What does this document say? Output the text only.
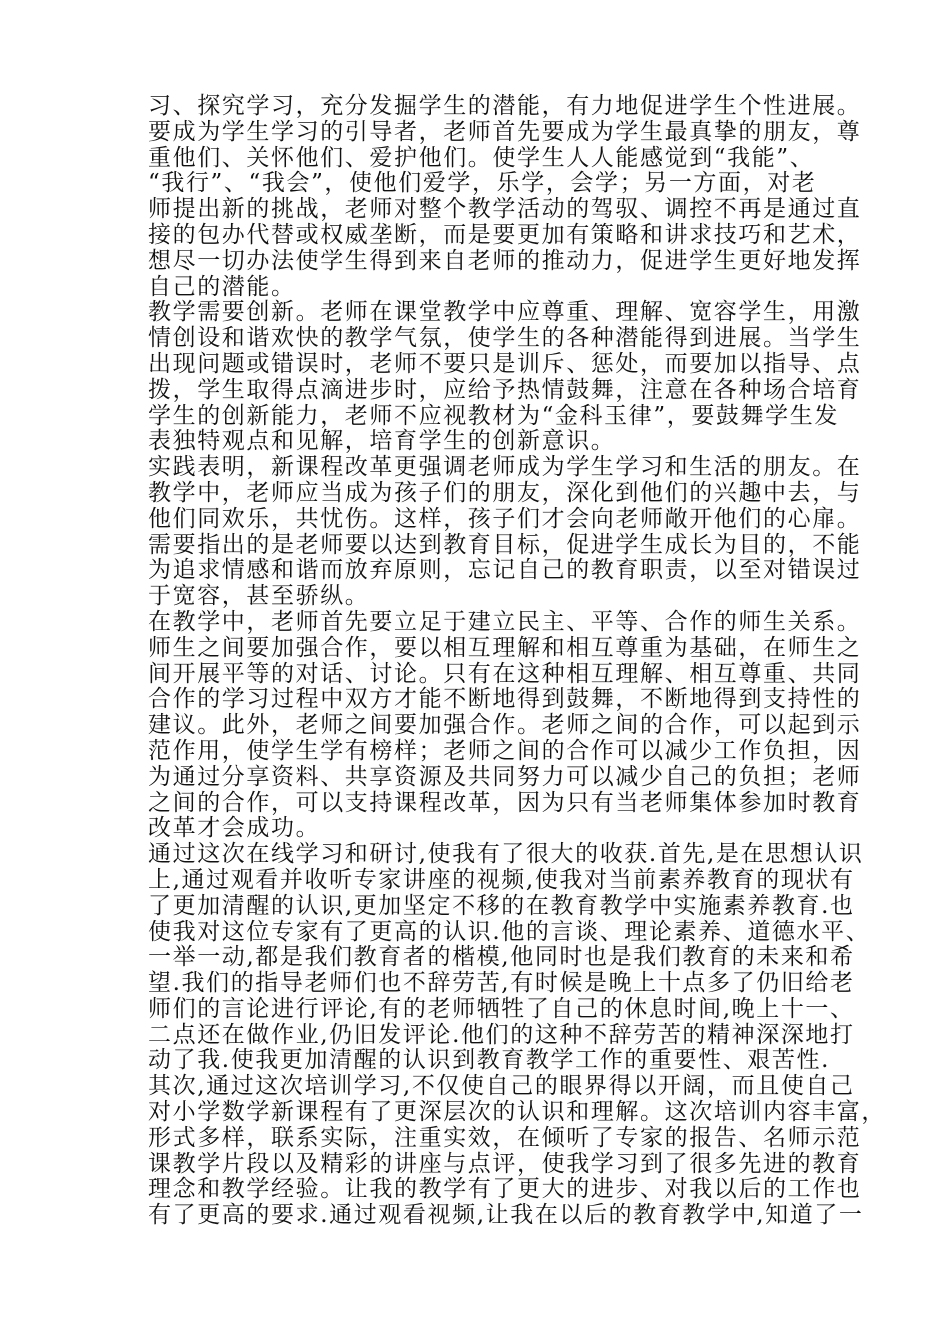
习、探究学习，充分发掘学生的潜能，有力地促进学生个性进展。
要成为学生学习的引导者，老师首先要成为学生最真挚的朋友，尊
重他们、关怀他们、爱护他们。使学生人人能感觉到“我能”、
“我行”、“我会”，使他们爱学，乐学，会学；另一方面，对老
师提出新的挑战，老师对整个教学活动的驾驭、调控不再是通过直
接的包办代替或权威垄断，而是要更加有策略和讲求技巧和艺术，
想尽一切办法使学生得到来自老师的推动力，促进学生更好地发挥
自己的潜能。
教学需要创新。老师在课堂教学中应尊重、理解、宽容学生，用激
情创设和谐欢快的教学气氛，使学生的各种潜能得到进展。当学生
出现问题或错误时，老师不要只是训斥、惩处，而要加以指导、点
拨，学生取得点滴进步时，应给予热情鼓舞，注意在各种场合培育
学生的创新能力，老师不应视教材为“金科玉律”，要鼓舞学生发
表独特观点和见解，培育学生的创新意识。
实践表明，新课程改革更强调老师成为学生学习和生活的朋友。在
教学中，老师应当成为孩子们的朋友，深化到他们的兴趣中去，与
他们同欢乐，共忧伤。这样，孩子们才会向老师敞开他们的心扉。
需要指出的是老师要以达到教育目标，促进学生成长为目的，不能
为追求情感和谐而放弃原则，忘记自己的教育职责，以至对错误过
于宽容，甚至骄纵。
在教学中，老师首先要立足于建立民主、平等、合作的师生关系。
师生之间要加强合作，要以相互理解和相互尊重为基础，在师生之
间开展平等的对话、讨论。只有在这种相互理解、相互尊重、共同
合作的学习过程中双方才能不断地得到鼓舞，不断地得到支持性的
建议。此外，老师之间要加强合作。老师之间的合作，可以起到示
范作用，使学生学有榜样；老师之间的合作可以减少工作负担，因
为通过分享资料、共享资源及共同努力可以减少自己的负担；老师
之间的合作，可以支持课程改革，因为只有当老师集体参加时教育
改革才会成功。
通过这次在线学习和研讨,使我有了很大的收获.首先,是在思想认识
上,通过观看并收听专家讲座的视频,使我对当前素养教育的现状有
了更加清醒的认识,更加坚定不移的在教育教学中实施素养教育.也
使我对这位专家有了更高的认识.他的言谈、理论素养、道德水平、
一举一动,都是我们教育者的楷模,他同时也是我们教育的未来和希
望.我们的指导老师们也不辞劳苦,有时候是晚上十点多了仍旧给老
师们的言论进行评论,有的老师牺牲了自己的休息时间,晚上十一、
二点还在做作业,仍旧发评论.他们的这种不辞劳苦的精神深深地打
动了我.使我更加清醒的认识到教育教学工作的重要性、艰苦性.
其次,通过这次培训学习,不仅使自己的眼界得以开阔，而且使自己
对小学数学新课程有了更深层次的认识和理解。这次培训内容丰富，
形式多样，联系实际，注重实效，在倾听了专家的报告、名师示范
课教学片段以及精彩的讲座与点评，使我学习到了很多先进的教育
理念和教学经验。让我的教学有了更大的进步、对我以后的工作也
有了更高的要求.通过观看视频,让我在以后的教育教学中,知道了一
